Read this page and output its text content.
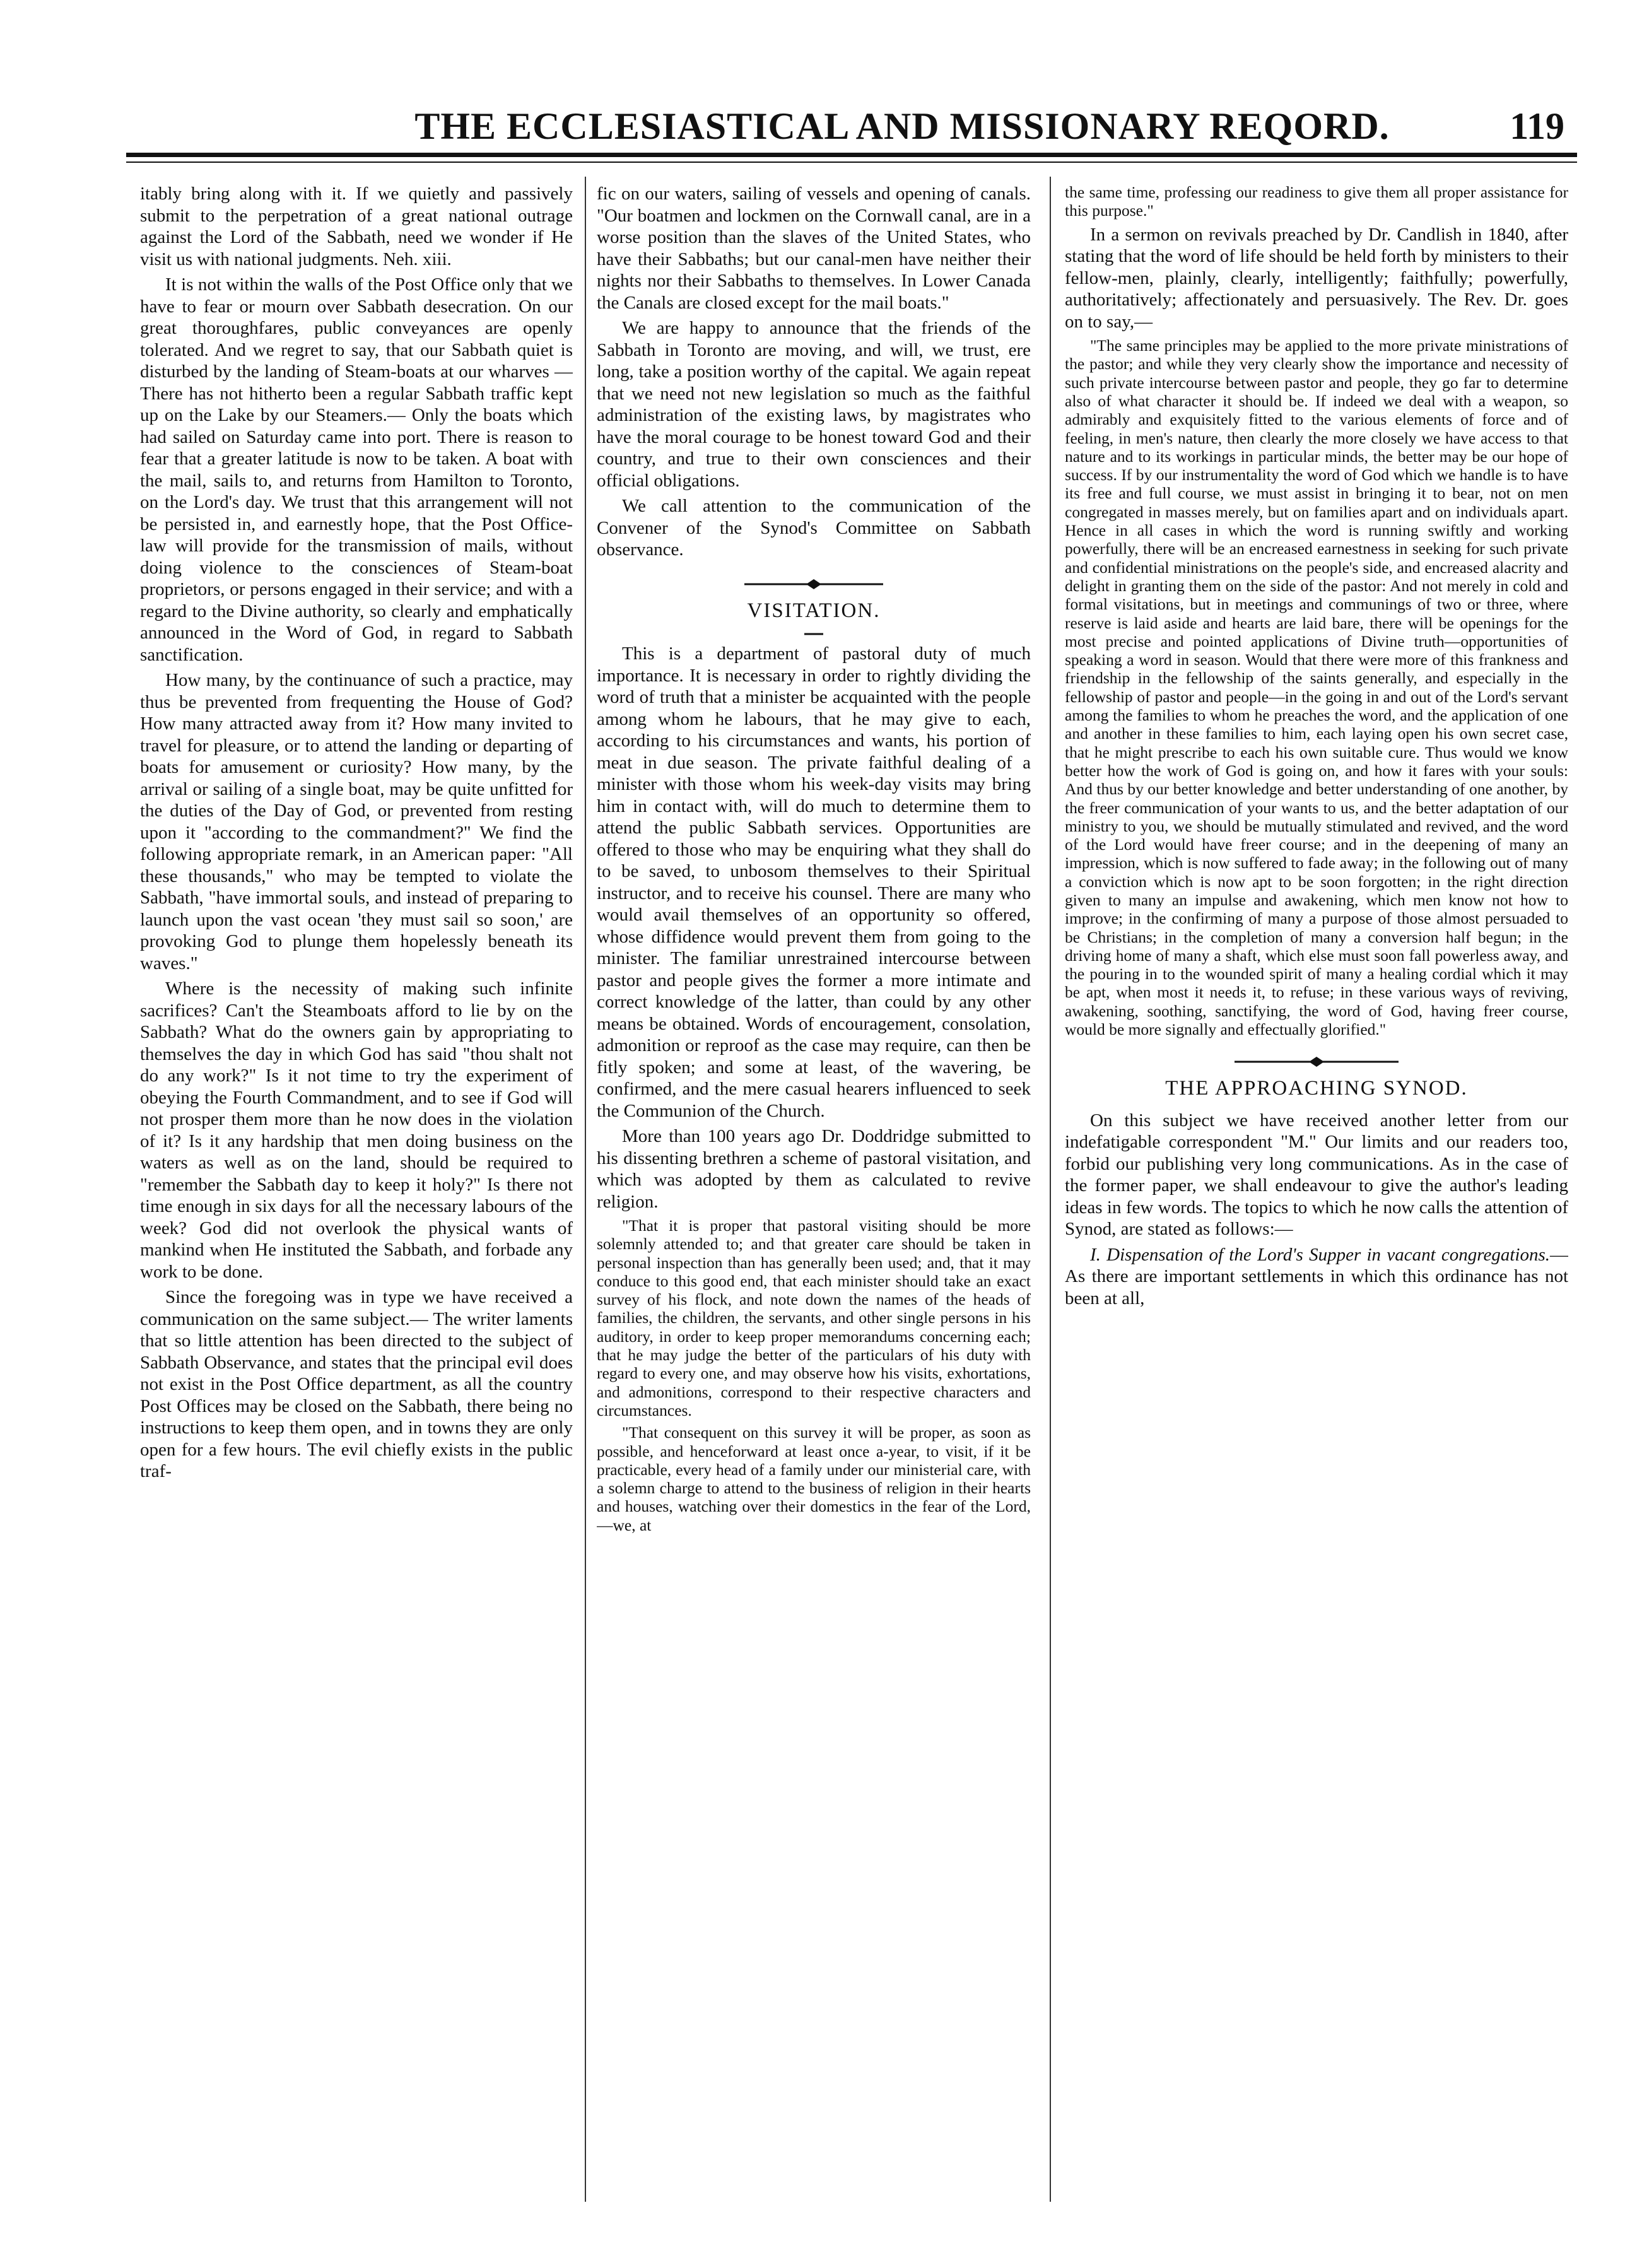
THE ECCLESIASTICAL AND MISSIONARY REQORD.	119

itably bring along with it. If we quietly and passively submit to the perpetration of a great national outrage against the Lord of the Sabbath, need we wonder if He visit us with national judgments. Neh. xiii.

It is not within the walls of the Post Office only that we have to fear or mourn over Sabbath desecration. On our great thoroughfares, public conveyances are openly tolerated. And we regret to say, that our Sabbath quiet is disturbed by the landing of Steam-boats at our wharves — There has not hitherto been a regular Sabbath traffic kept up on the Lake by our Steamers.— Only the boats which had sailed on Saturday came into port. There is reason to fear that a greater latitude is now to be taken. A boat with the mail, sails to, and returns from Hamilton to Toronto, on the Lord's day. We trust that this arrangement will not be persisted in, and earnestly hope, that the Post Office-law will provide for the transmission of mails, without doing violence to the consciences of Steam-boat proprietors, or persons engaged in their service; and with a regard to the Divine authority, so clearly and emphatically announced in the Word of God, in regard to Sabbath sanctification.

How many, by the continuance of such a practice, may thus be prevented from frequenting the House of God? How many attracted away from it? How many invited to travel for pleasure, or to attend the landing or departing of boats for amusement or curiosity? How many, by the arrival or sailing of a single boat, may be quite unfitted for the duties of the Day of God, or prevented from resting upon it "according to the commandment?" We find the following appropriate remark, in an American paper: "All these thousands," who may be tempted to violate the Sabbath, "have immortal souls, and instead of preparing to launch upon the vast ocean 'they must sail so soon,' are provoking God to plunge them hopelessly beneath its waves."

Where is the necessity of making such infinite sacrifices? Can't the Steamboats afford to lie by on the Sabbath? What do the owners gain by appropriating to themselves the day in which God has said "thou shalt not do any work?" Is it not time to try the experiment of obeying the Fourth Commandment, and to see if God will not prosper them more than he now does in the violation of it? Is it any hardship that men doing business on the waters as well as on the land, should be required to "remember the Sabbath day to keep it holy?" Is there not time enough in six days for all the necessary labours of the week? God did not overlook the physical wants of mankind when He instituted the Sabbath, and forbade any work to be done.

Since the foregoing was in type we have received a communication on the same subject.— The writer laments that so little attention has been directed to the subject of Sabbath Observance, and states that the principal evil does not exist in the Post Office department, as all the country Post Offices may be closed on the Sabbath, there being no instructions to keep them open, and in towns they are only open for a few hours. The evil chiefly exists in the public traf-

fic on our waters, sailing of vessels and opening of canals. "Our boatmen and lockmen on the Cornwall canal, are in a worse position than the slaves of the United States, who have their Sabbaths; but our canal-men have neither their nights nor their Sabbaths to themselves. In Lower Canada the Canals are closed except for the mail boats."

We are happy to announce that the friends of the Sabbath in Toronto are moving, and will, we trust, ere long, take a position worthy of the capital. We again repeat that we need not new legislation so much as the faithful administration of the existing laws, by magistrates who have the moral courage to be honest toward God and their country, and true to their own consciences and their official obligations.

We call attention to the communication of the Convener of the Synod's Committee on Sabbath observance.

VISITATION.

This is a department of pastoral duty of much importance. It is necessary in order to rightly dividing the word of truth that a minister be acquainted with the people among whom he labours, that he may give to each, according to his circumstances and wants, his portion of meat in due season. The private faithful dealing of a minister with those whom his week-day visits may bring him in contact with, will do much to determine them to attend the public Sabbath services. Opportunities are offered to those who may be enquiring what they shall do to be saved, to unbosom themselves to their Spiritual instructor, and to receive his counsel. There are many who would avail themselves of an opportunity so offered, whose diffidence would prevent them from going to the minister. The familiar unrestrained intercourse between pastor and people gives the former a more intimate and correct knowledge of the latter, than could by any other means be obtained. Words of encouragement, consolation, admonition or reproof as the case may require, can then be fitly spoken; and some at least, of the wavering, be confirmed, and the mere casual hearers influenced to seek the Communion of the Church.

More than 100 years ago Dr. Doddridge submitted to his dissenting brethren a scheme of pastoral visitation, and which was adopted by them as calculated to revive religion.

"That it is proper that pastoral visiting should be more solemnly attended to; and that greater care should be taken in personal inspection than has generally been used; and, that it may conduce to this good end, that each minister should take an exact survey of his flock, and note down the names of the heads of families, the children, the servants, and other single persons in his auditory, in order to keep proper memorandums concerning each; that he may judge the better of the particulars of his duty with regard to every one, and may observe how his visits, exhortations, and admonitions, correspond to their respective characters and circumstances.

"That consequent on this survey it will be proper, as soon as possible, and henceforward at least once a-year, to visit, if it be practicable, every head of a family under our ministerial care, with a solemn charge to attend to the business of religion in their hearts and houses, watching over their domestics in the fear of the Lord,—we, at

the same time, professing our readiness to give them all proper assistance for this purpose."

In a sermon on revivals preached by Dr. Candlish in 1840, after stating that the word of life should be held forth by ministers to their fellow-men, plainly, clearly, intelligently; faithfully; powerfully, authoritatively; affectionately and persuasively. The Rev. Dr. goes on to say,—

"The same principles may be applied to the more private ministrations of the pastor; and while they very clearly show the importance and necessity of such private intercourse between pastor and people, they go far to determine also of what character it should be. If indeed we deal with a weapon, so admirably and exquisitely fitted to the various elements of force and of feeling, in men's nature, then clearly the more closely we have access to that nature and to its workings in particular minds, the better may be our hope of success. If by our instrumentality the word of God which we handle is to have its free and full course, we must assist in bringing it to bear, not on men congregated in masses merely, but on families apart and on individuals apart. Hence in all cases in which the word is running swiftly and working powerfully, there will be an encreased earnestness in seeking for such private and confidential ministrations on the people's side, and encreased alacrity and delight in granting them on the side of the pastor: And not merely in cold and formal visitations, but in meetings and communings of two or three, where reserve is laid aside and hearts are laid bare, there will be openings for the most precise and pointed applications of Divine truth—opportunities of speaking a word in season. Would that there were more of this frankness and friendship in the fellowship of the saints generally, and especially in the fellowship of pastor and people—in the going in and out of the Lord's servant among the families to whom he preaches the word, and the application of one and another in these families to him, each laying open his own secret case, that he might prescribe to each his own suitable cure. Thus would we know better how the work of God is going on, and how it fares with your souls: And thus by our better knowledge and better understanding of one another, by the freer communication of your wants to us, and the better adaptation of our ministry to you, we should be mutually stimulated and revived, and the word of the Lord would have freer course; and in the deepening of many an impression, which is now suffered to fade away; in the following out of many a conviction which is now apt to be soon forgotten; in the right direction given to many an impulse and awakening, which men know not how to improve; in the confirming of many a purpose of those almost persuaded to be Christians; in the completion of many a conversion half begun; in the driving home of many a shaft, which else must soon fall powerless away, and the pouring in to the wounded spirit of many a healing cordial which it may be apt, when most it needs it, to refuse; in these various ways of reviving, awakening, soothing, sanctifying, the word of God, having freer course, would be more signally and effectually glorified."

THE APPROACHING SYNOD.

On this subject we have received another letter from our indefatigable correspondent "M." Our limits and our readers too, forbid our publishing very long communications. As in the case of the former paper, we shall endeavour to give the author's leading ideas in few words. The topics to which he now calls the attention of Synod, are stated as follows:—

I. Dispensation of the Lord's Supper in vacant congregations.—As there are important settlements in which this ordinance has not been at all,
